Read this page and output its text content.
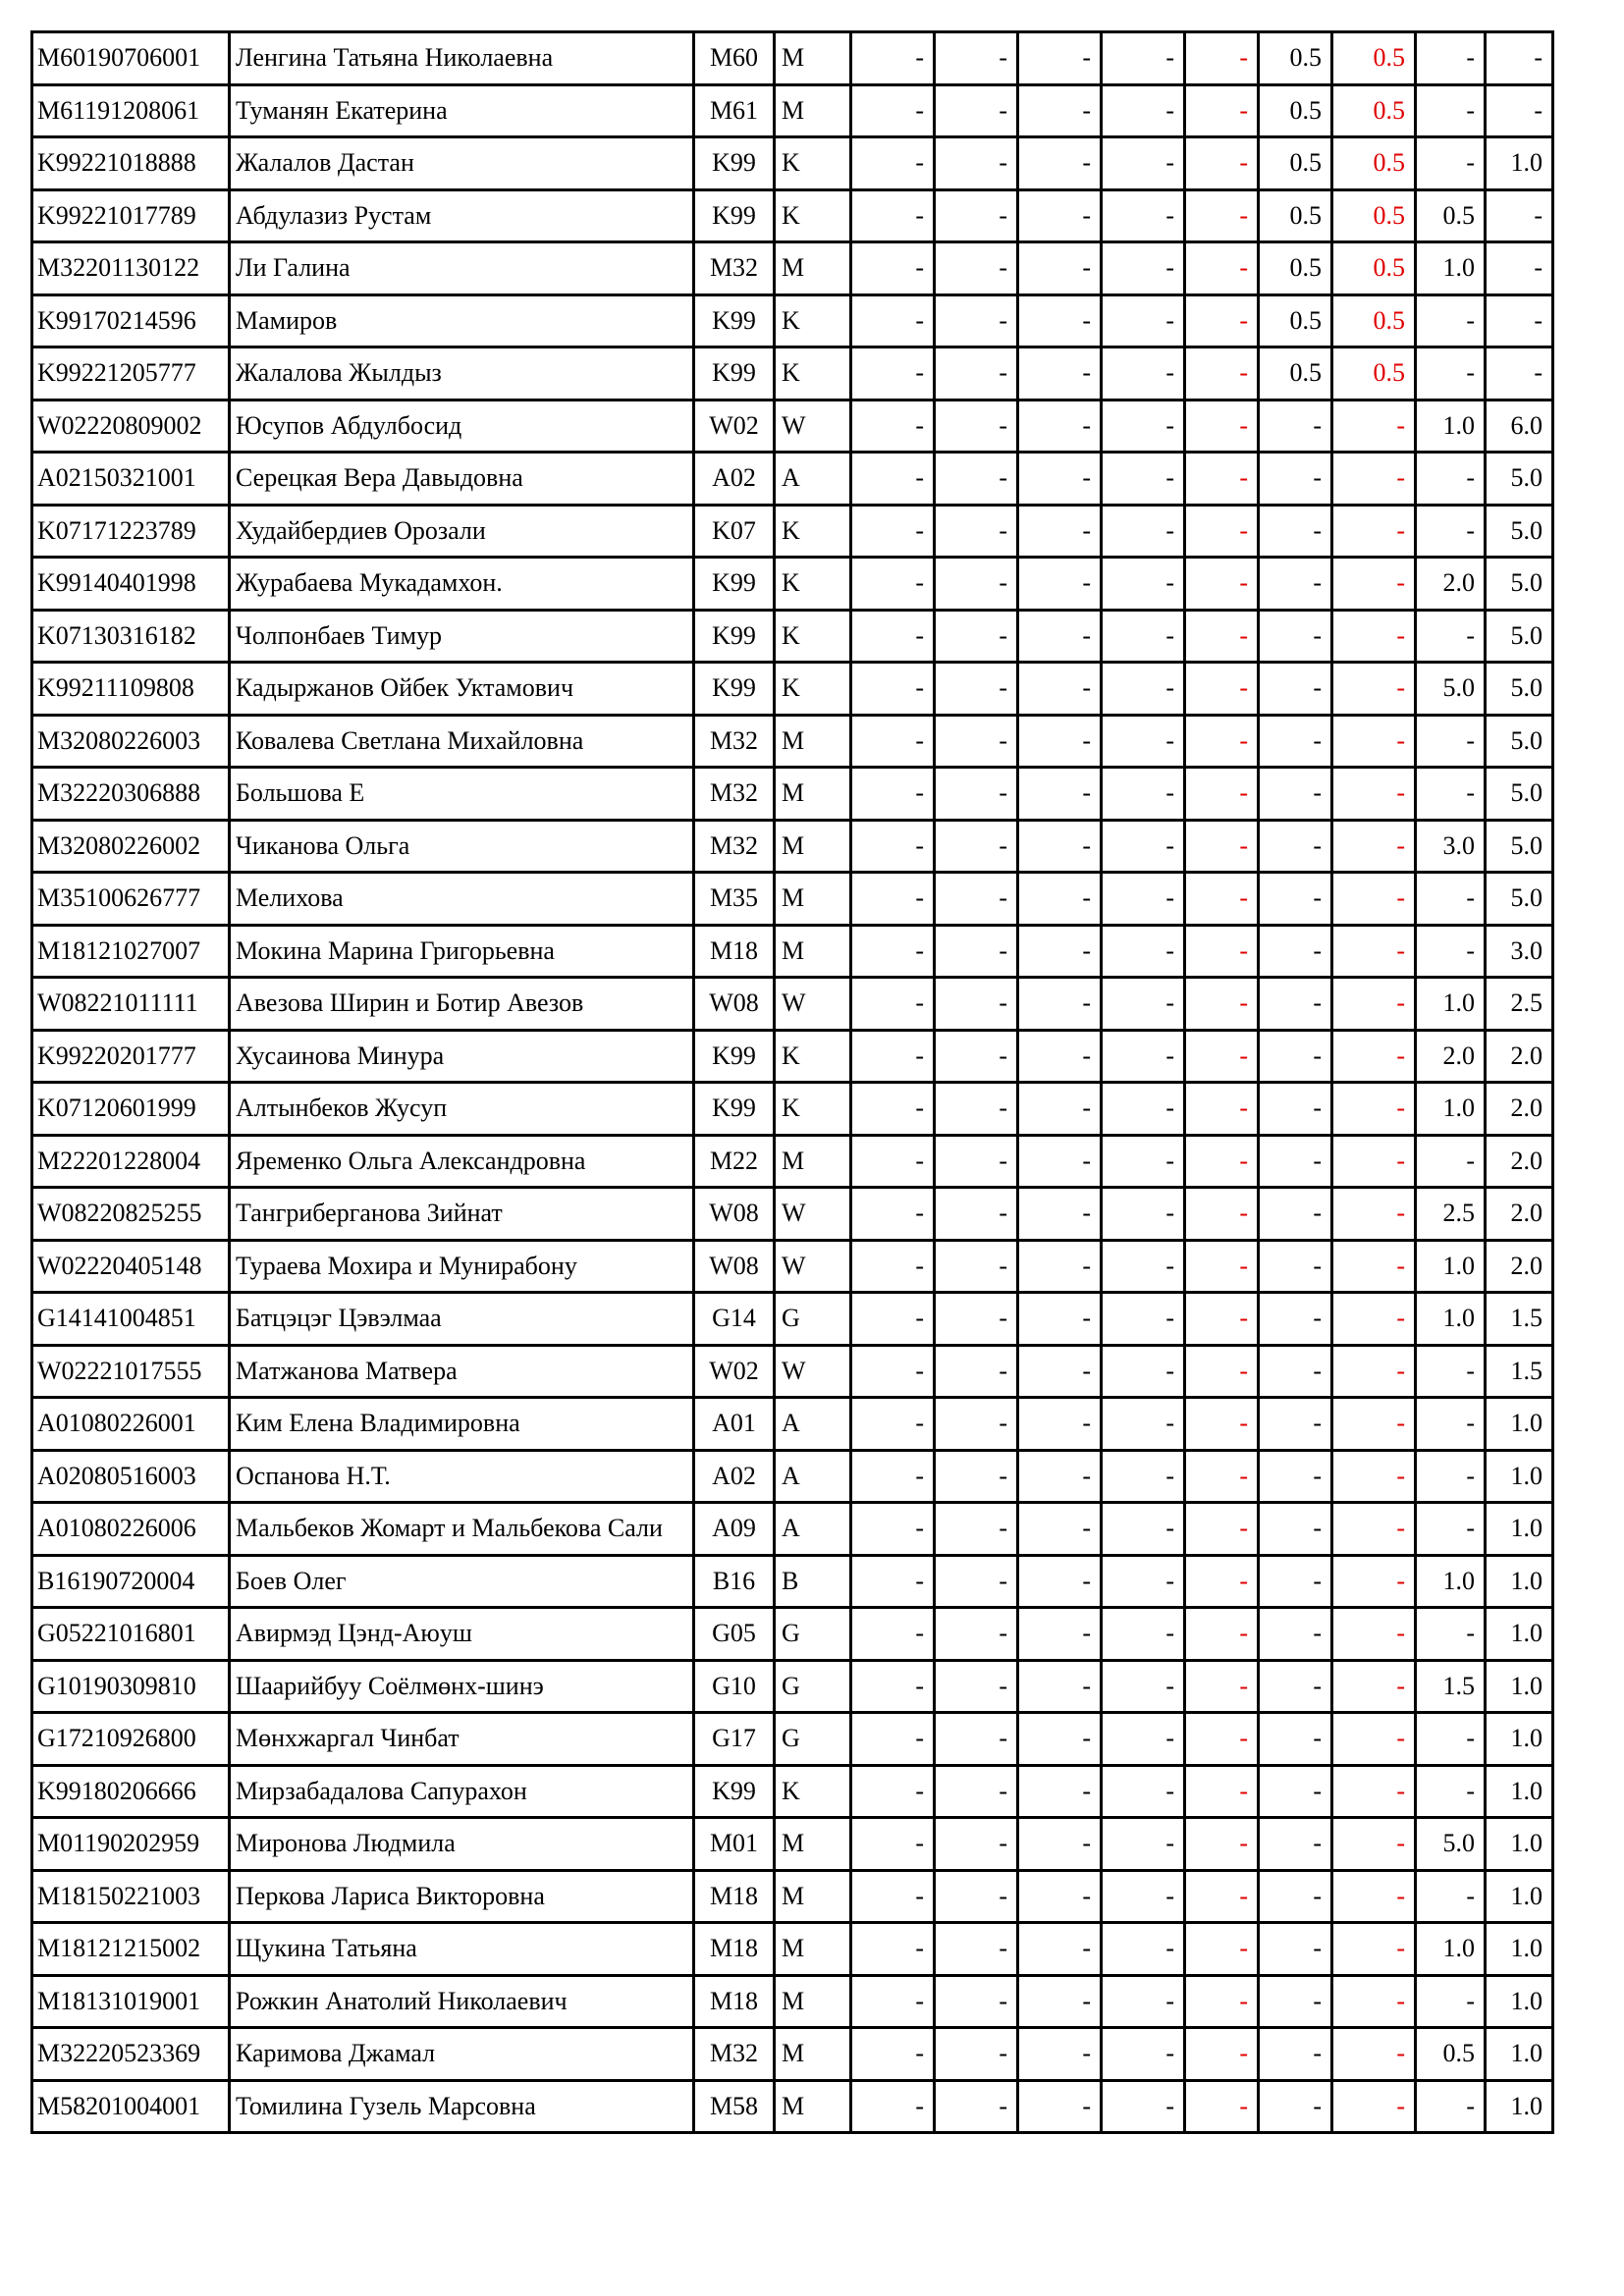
M60190706001	Ленгина Татьяна Николаевна	M60	M	-	-	-	-	-	0.5	0.5	-	-
M61191208061	Туманян Екатерина	M61	M	-	-	-	-	-	0.5	0.5	-	-
K99221018888	Жалалов Дастан	K99	K	-	-	-	-	-	0.5	0.5	-	1.0
K99221017789	Абдулазиз Рустам	K99	K	-	-	-	-	-	0.5	0.5	0.5	-
M32201130122	Ли Галина	M32	M	-	-	-	-	-	0.5	0.5	1.0	-
K99170214596	Мамиров	K99	K	-	-	-	-	-	0.5	0.5	-	-
K99221205777	Жалалова Жылдыз	K99	K	-	-	-	-	-	0.5	0.5	-	-
W02220809002	Юсупов Абдулбосид	W02	W	-	-	-	-	-	-	-	1.0	6.0
A02150321001	Серецкая Вера Давыдовна	A02	A	-	-	-	-	-	-	-	-	5.0
K07171223789	Худайбердиев Орозали	K07	K	-	-	-	-	-	-	-	-	5.0
K99140401998	Журабаева Мукадамхон.	K99	K	-	-	-	-	-	-	-	2.0	5.0
K07130316182	Чолпонбаев Тимур	K99	K	-	-	-	-	-	-	-	-	5.0
K99211109808	Кадыржанов Ойбек Уктамович	K99	K	-	-	-	-	-	-	-	5.0	5.0
M32080226003	Ковалева Светлана Михайловна	M32	M	-	-	-	-	-	-	-	-	5.0
M32220306888	Большова Е	M32	M	-	-	-	-	-	-	-	-	5.0
M32080226002	Чиканова Ольга	M32	M	-	-	-	-	-	-	-	3.0	5.0
M35100626777	Мелихова	M35	M	-	-	-	-	-	-	-	-	5.0
M18121027007	Мокина Марина Григорьевна	M18	M	-	-	-	-	-	-	-	-	3.0
W08221011111	Авезова Ширин и Ботир Авезов	W08	W	-	-	-	-	-	-	-	1.0	2.5
K99220201777	Хусаинова Минура	K99	K	-	-	-	-	-	-	-	2.0	2.0
K07120601999	Алтынбеков Жусуп	K99	K	-	-	-	-	-	-	-	1.0	2.0
M22201228004	Яременко Ольга Александровна	M22	M	-	-	-	-	-	-	-	-	2.0
W08220825255	Тангриберганова Зийнат	W08	W	-	-	-	-	-	-	-	2.5	2.0
W02220405148	Тураева Мохира и Мунирабону	W08	W	-	-	-	-	-	-	-	1.0	2.0
G14141004851	Батцэцэг Цэвэлмаа	G14	G	-	-	-	-	-	-	-	1.0	1.5
W02221017555	Матжанова Матвера	W02	W	-	-	-	-	-	-	-	-	1.5
A01080226001	Ким Елена Владимировна	A01	A	-	-	-	-	-	-	-	-	1.0
A02080516003	Оспанова Н.Т.	A02	A	-	-	-	-	-	-	-	-	1.0
A01080226006	Мальбеков Жомарт и Мальбекова Сали	A09	A	-	-	-	-	-	-	-	-	1.0
B16190720004	Боев Олег	B16	B	-	-	-	-	-	-	-	1.0	1.0
G05221016801	Авирмэд Цэнд-Аюуш	G05	G	-	-	-	-	-	-	-	-	1.0
G10190309810	Шаарийбуу Соёлмөнх-шинэ	G10	G	-	-	-	-	-	-	-	1.5	1.0
G17210926800	Мөнхжаргал Чинбат	G17	G	-	-	-	-	-	-	-	-	1.0
K99180206666	Мирзабадалова Сапурахон	K99	K	-	-	-	-	-	-	-	-	1.0
M01190202959	Миронова Людмила	M01	M	-	-	-	-	-	-	-	5.0	1.0
M18150221003	Перкова Лариса Викторовна	M18	M	-	-	-	-	-	-	-	-	1.0
M18121215002	Щукина Татьяна	M18	M	-	-	-	-	-	-	-	1.0	1.0
M18131019001	Рожкин Анатолий Николаевич	M18	M	-	-	-	-	-	-	-	-	1.0
M32220523369	Каримова Джамал	M32	M	-	-	-	-	-	-	-	0.5	1.0
M58201004001	Томилина Гузель Марсовна	M58	M	-	-	-	-	-	-	-	-	1.0
